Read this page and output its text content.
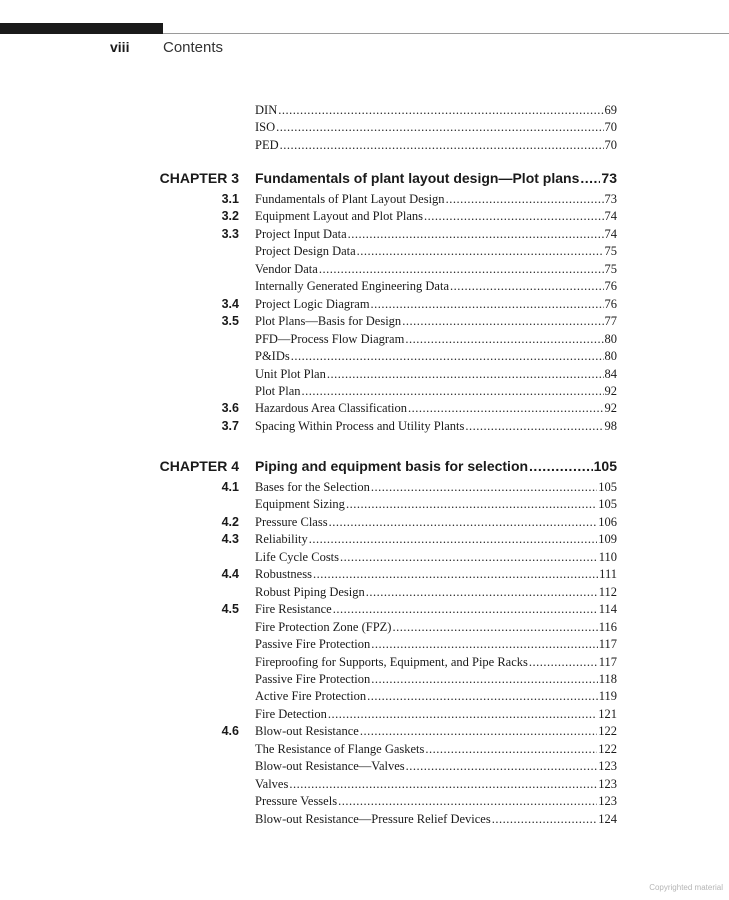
viii Contents
DIN .....	69
ISO .....	70
PED .....	70
CHAPTER 3 Fundamentals of plant layout design—Plot plans ..... 73
3.1 Fundamentals of Plant Layout Design .....	73
3.2 Equipment Layout and Plot Plans .....	74
3.3 Project Input Data .....	74
Project Design Data .....	75
Vendor Data .....	75
Internally Generated Engineering Data .....	76
3.4 Project Logic Diagram .....	76
3.5 Plot Plans—Basis for Design .....	77
PFD—Process Flow Diagram .....	80
P&IDs .....	80
Unit Plot Plan .....	84
Plot Plan .....	92
3.6 Hazardous Area Classification .....	92
3.7 Spacing Within Process and Utility Plants .....	98
CHAPTER 4 Piping and equipment basis for selection .....	105
4.1 Bases for the Selection .....	105
Equipment Sizing .....	105
4.2 Pressure Class .....	106
4.3 Reliability .....	109
Life Cycle Costs .....	110
4.4 Robustness .....	111
Robust Piping Design .....	112
4.5 Fire Resistance .....	114
Fire Protection Zone (FPZ) .....	116
Passive Fire Protection .....	117
Fireproofing for Supports, Equipment, and Pipe Racks .....	117
Passive Fire Protection .....	118
Active Fire Protection .....	119
Fire Detection .....	121
4.6 Blow-out Resistance .....	122
The Resistance of Flange Gaskets .....	122
Blow-out Resistance—Valves .....	123
Valves .....	123
Pressure Vessels .....	123
Blow-out Resistance—Pressure Relief Devices .....	124
Copyrighted material
